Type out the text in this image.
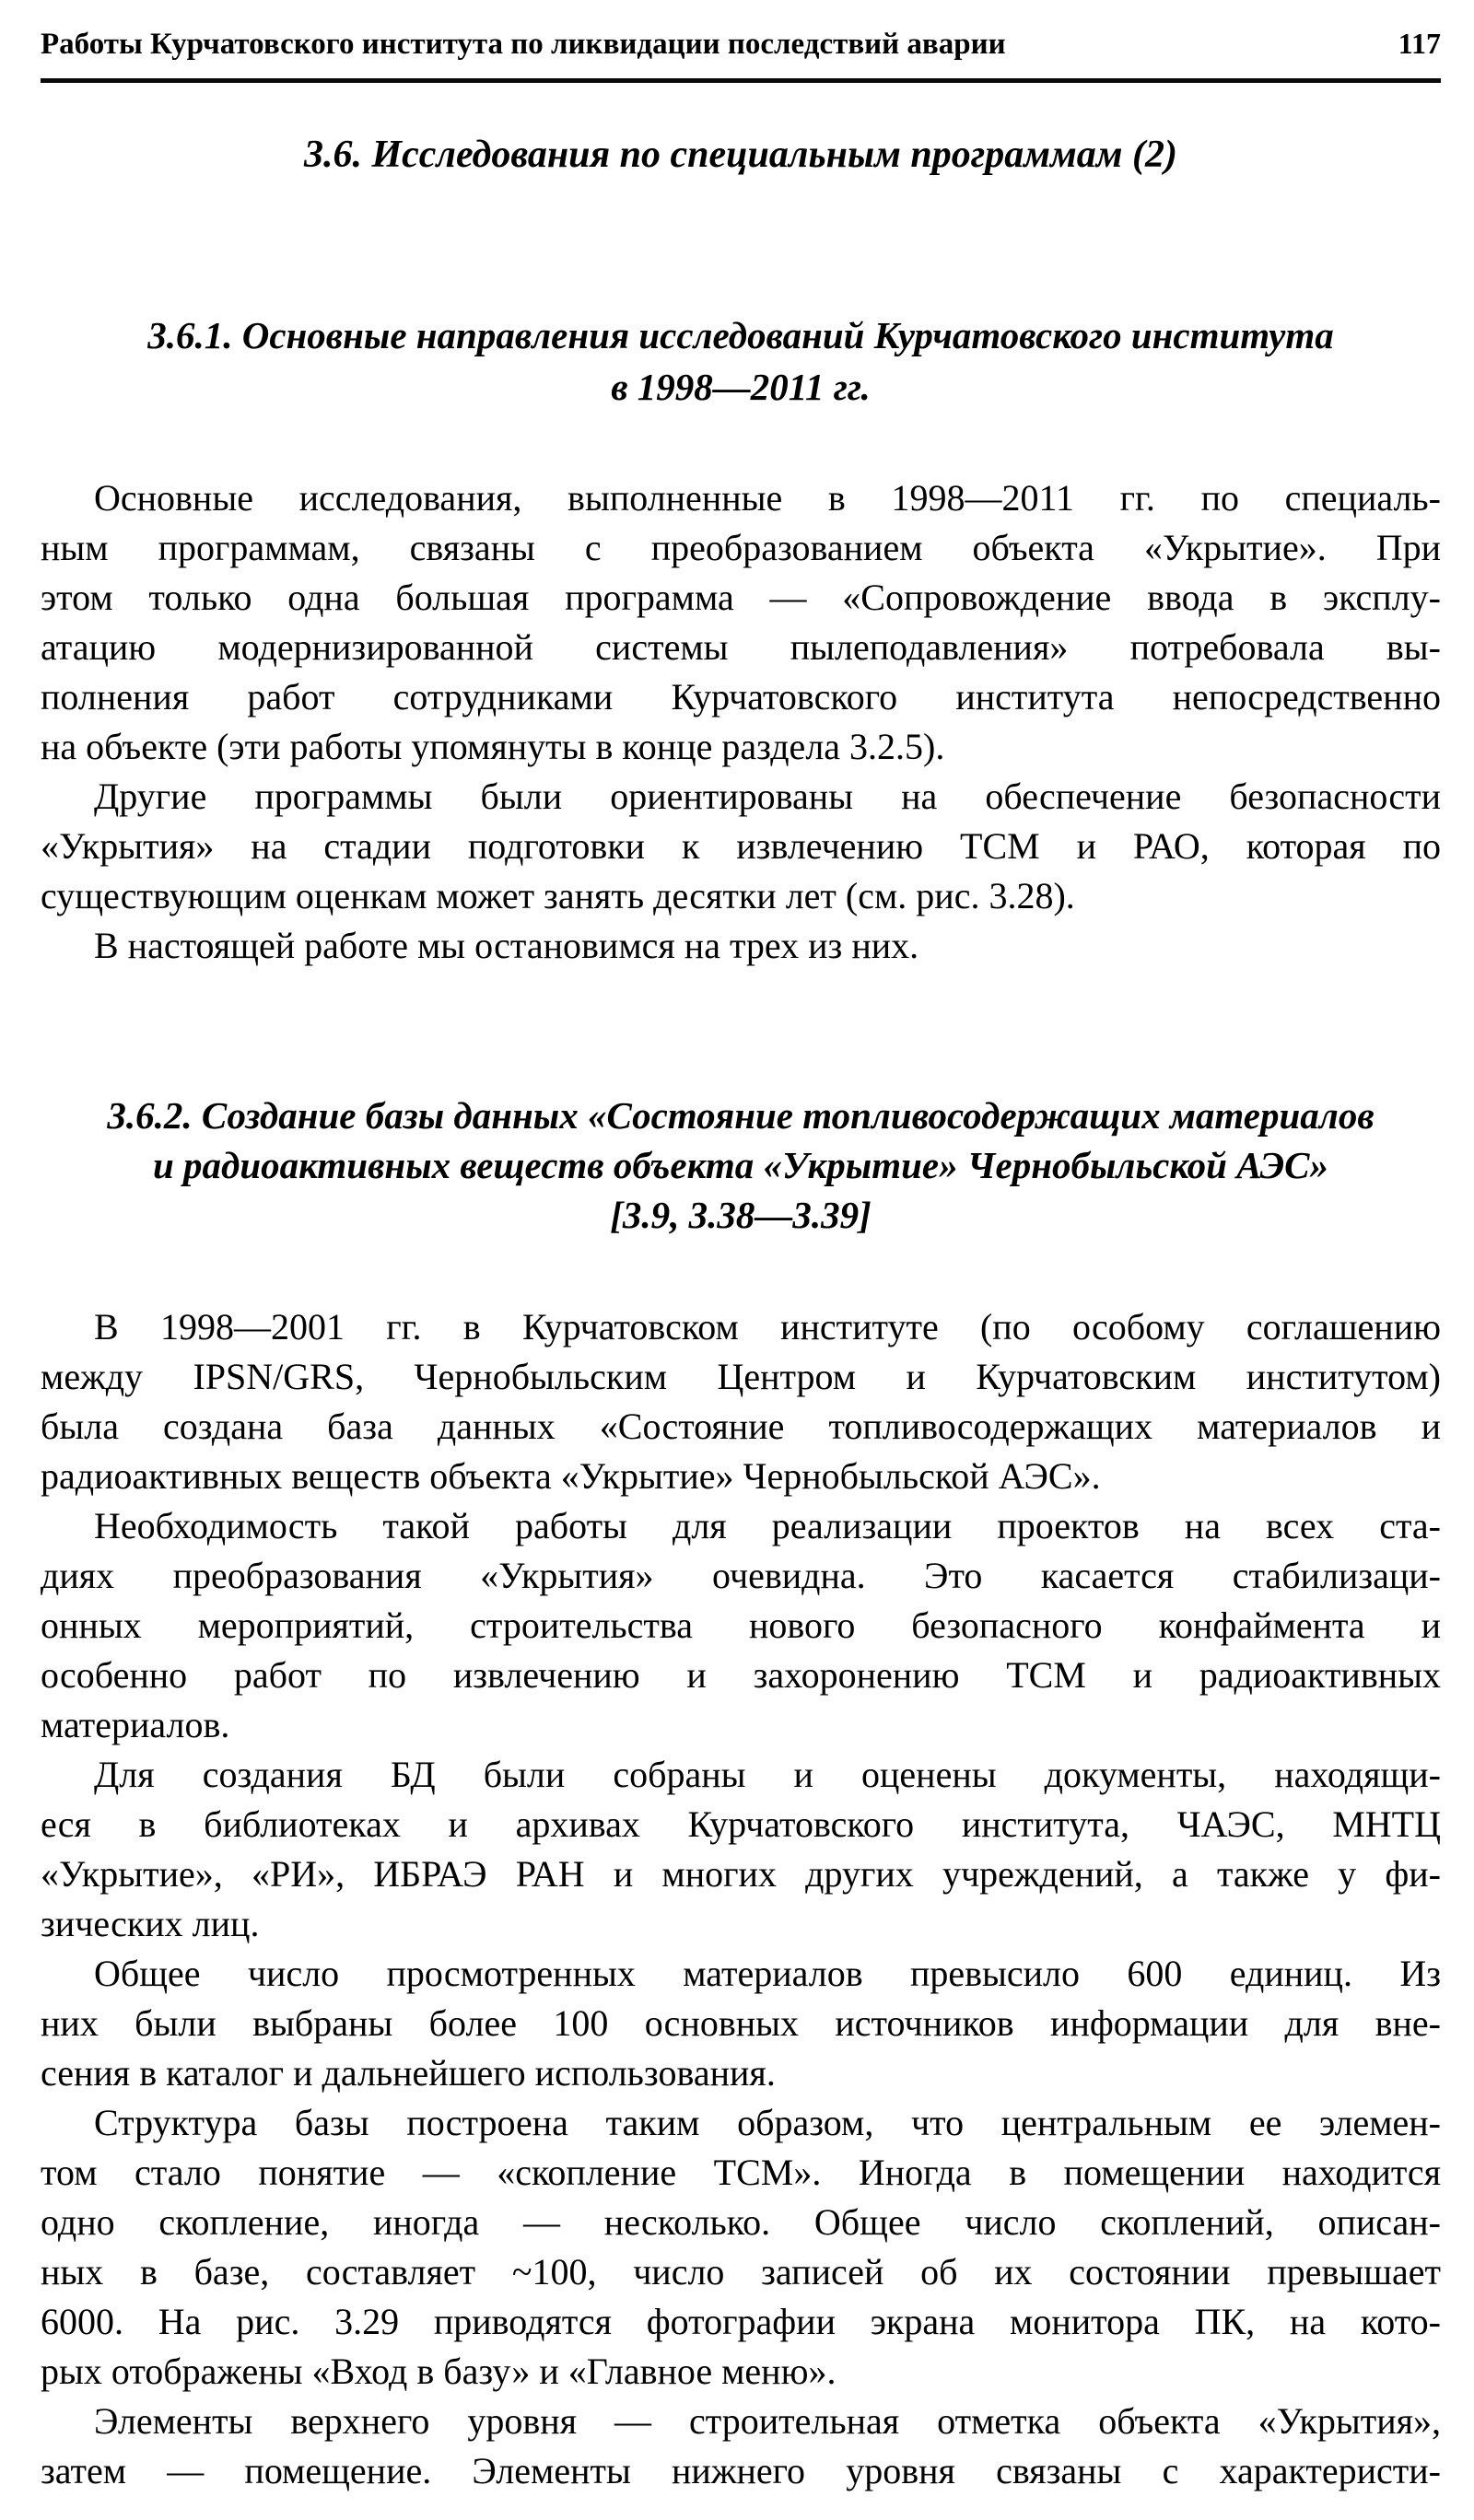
Работы Курчатовского института по ликвидации последствий аварии	117
3.6. Исследования по специальным программам (2)
3.6.1. Основные направления исследований Курчатовского института
в 1998—2011 гг.
Основные исследования, выполненные в 1998—2011 гг. по специаль-
ным программам, связаны с преобразованием объекта «Укрытие». При
этом только одна большая программа — «Сопровождение ввода в эксплу-
атацию модернизированной системы пылеподавления» потребовала вы-
полнения работ сотрудниками Курчатовского института непосредственно
на объекте (эти работы упомянуты в конце раздела 3.2.5).
Другие программы были ориентированы на обеспечение безопасности
«Укрытия» на стадии подготовки к извлечению ТСМ и РАО, которая по
существующим оценкам может занять десятки лет (см. рис. 3.28).
В настоящей работе мы остановимся на трех из них.
3.6.2. Создание базы данных «Состояние топливосодержащих материалов
и радиоактивных веществ объекта «Укрытие» Чернобыльской АЭС»
[3.9, 3.38—3.39]
В 1998—2001 гг. в Курчатовском институте (по особому соглашению
между IPSN/GRS, Чернобыльским Центром и Курчатовским институтом)
была создана база данных «Состояние топливосодержащих материалов и
радиоактивных веществ объекта «Укрытие» Чернобыльской АЭС».
Необходимость такой работы для реализации проектов на всех ста-
диях преобразования «Укрытия» очевидна. Это касается стабилизаци-
онных мероприятий, строительства нового безопасного конфаймента и
особенно работ по извлечению и захоронению ТСМ и радиоактивных
материалов.
Для создания БД были собраны и оценены документы, находящи-
еся в библиотеках и архивах Курчатовского института, ЧАЭС, МНТЦ
«Укрытие», «РИ», ИБРАЭ РАН и многих других учреждений, а также у фи-
зических лиц.
Общее число просмотренных материалов превысило 600 единиц. Из
них были выбраны более 100 основных источников информации для вне-
сения в каталог и дальнейшего использования.
Структура базы построена таким образом, что центральным ее элемен-
том стало понятие — «скопление ТСМ». Иногда в помещении находится
одно скопление, иногда — несколько. Общее число скоплений, описан-
ных в базе, составляет ~100, число записей об их состоянии превышает
6000. На рис. 3.29 приводятся фотографии экрана монитора ПК, на кото-
рых отображены «Вход в базу» и «Главное меню».
Элементы верхнего уровня — строительная отметка объекта «Укрытия»,
затем — помещение. Элементы нижнего уровня связаны с характеристи-
